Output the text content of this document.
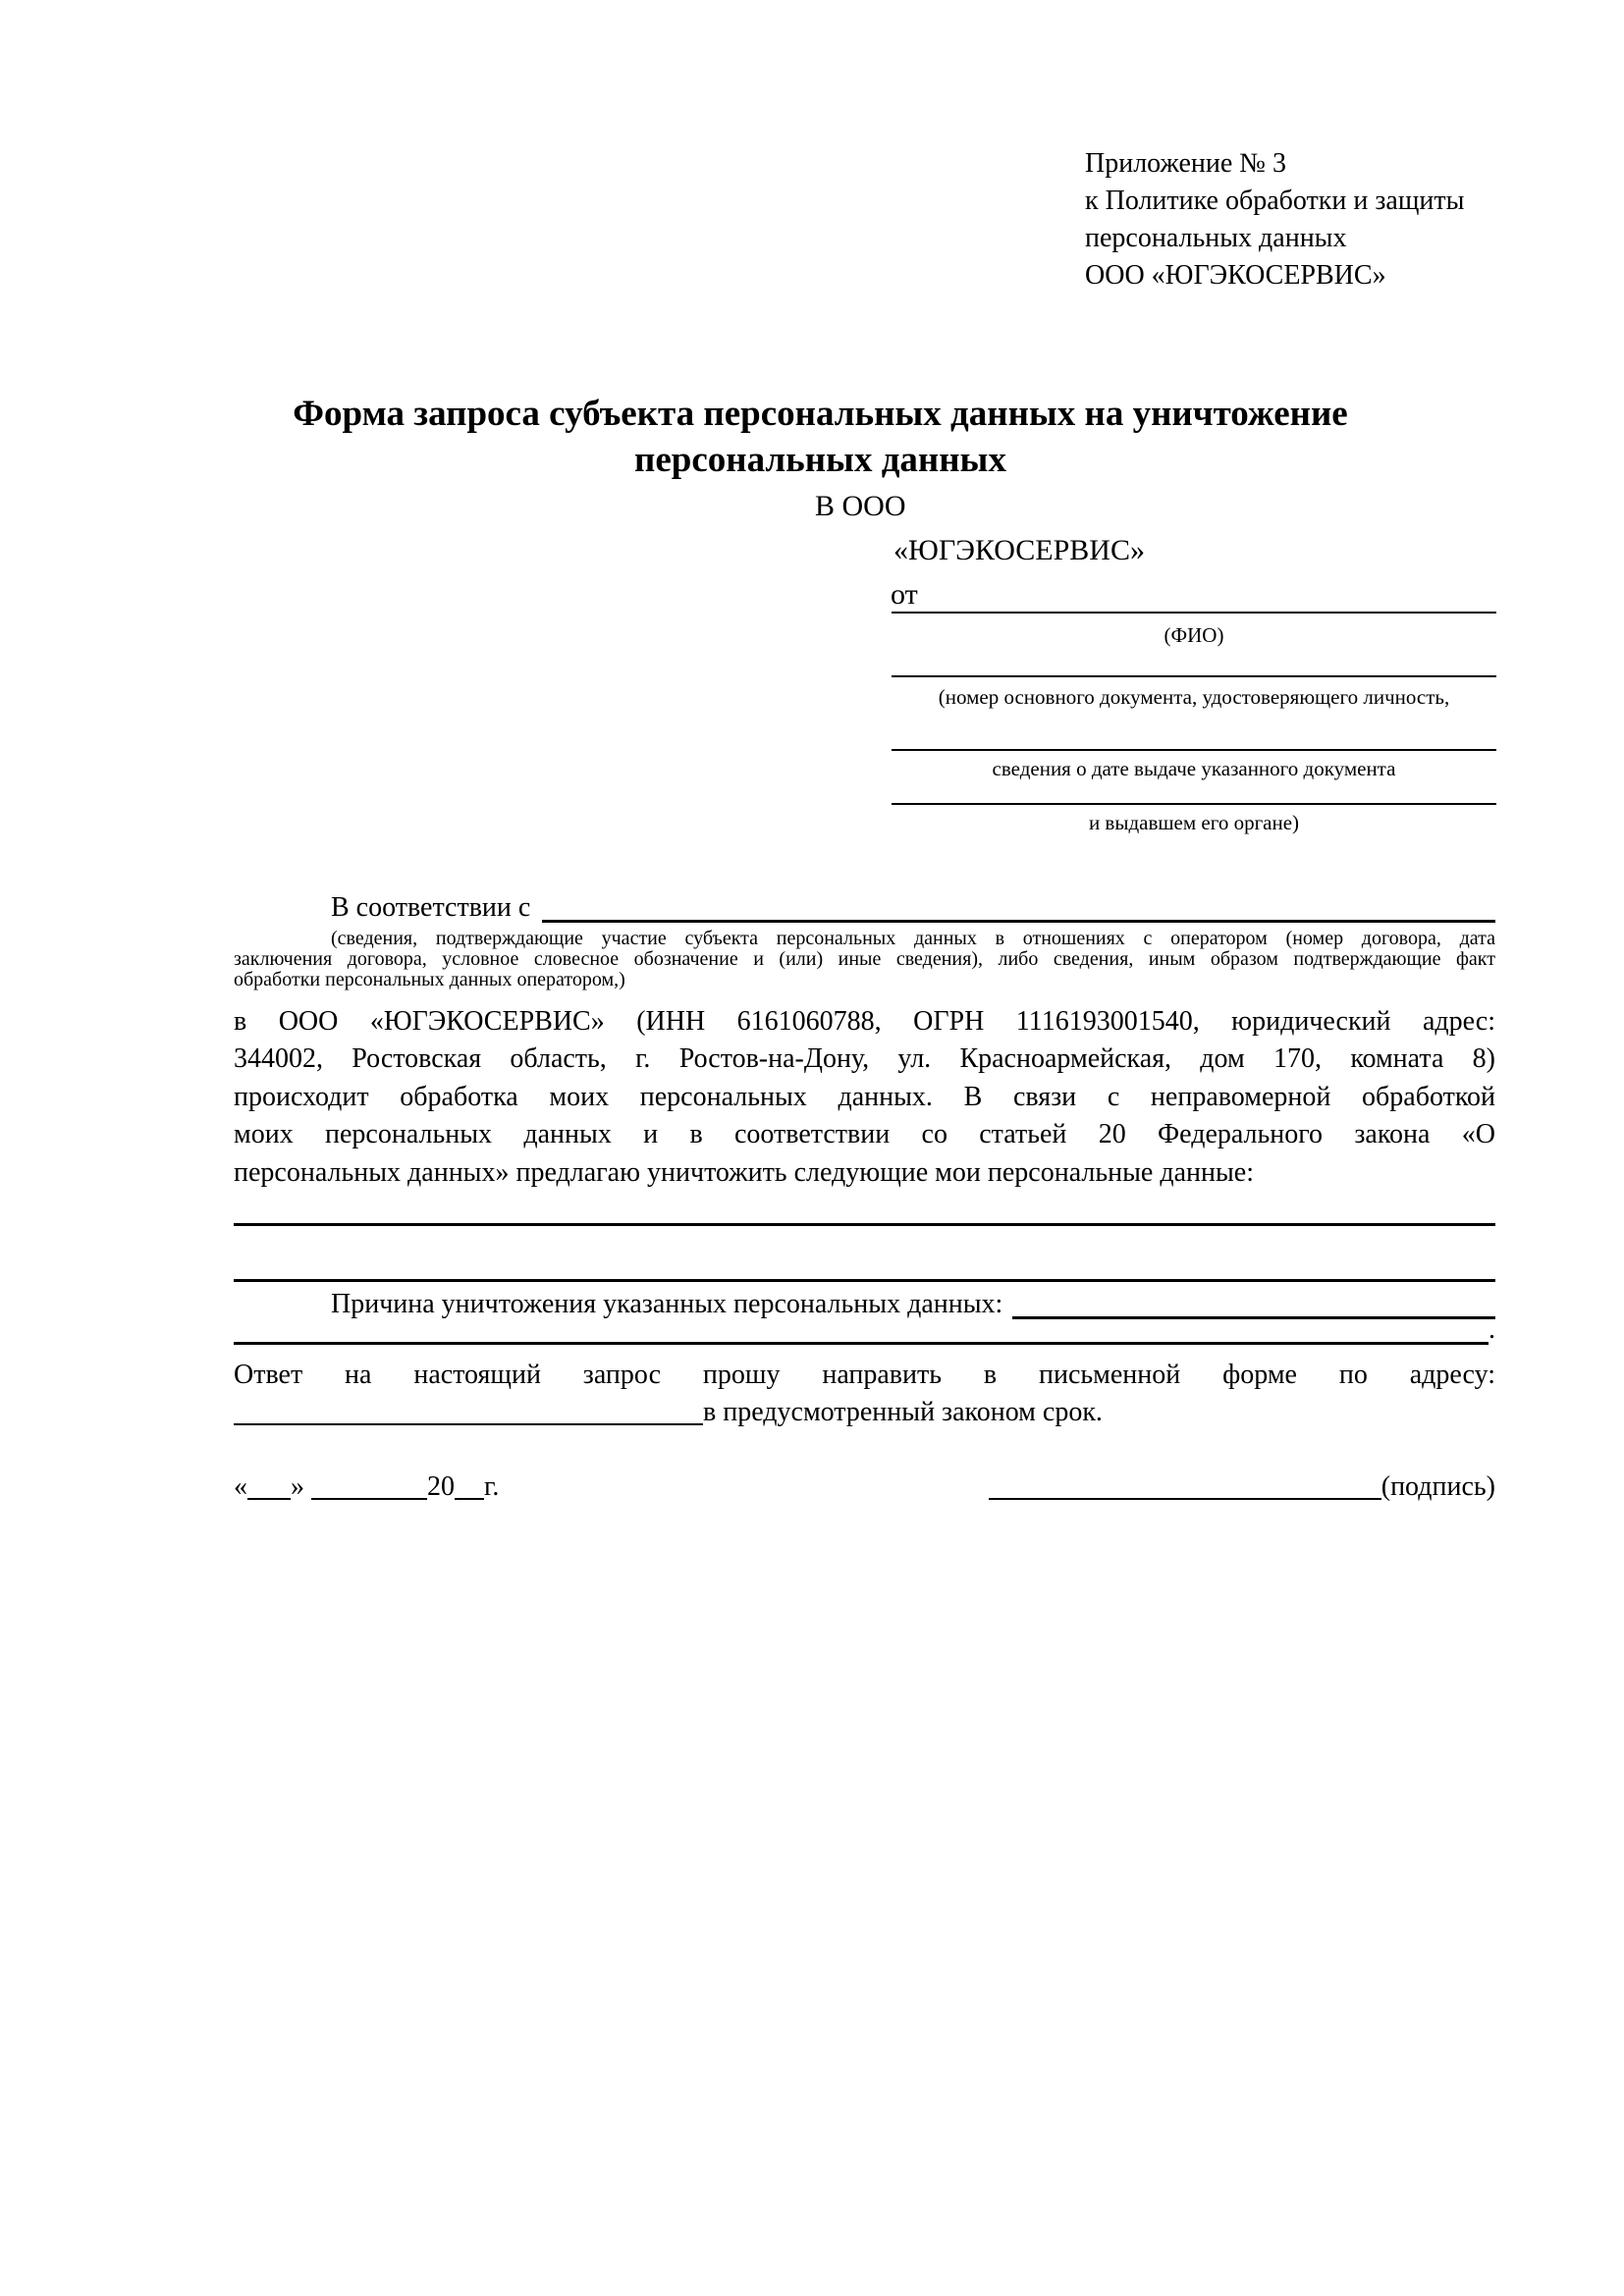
Приложение № 3
к Политике обработки и защиты
персональных данных
ООО «ЮГЭКОСЕРВИС»
Форма запроса субъекта персональных данных на уничтожение
персональных данных
В ООО
«ЮГЭКОСЕРВИС»
от
(ФИО)
(номер основного документа, удостоверяющего личность,
сведения о дате выдаче указанного документа
и выдавшем его органе)
В соответствии с
(сведения, подтверждающие участие субъекта персональных данных в отношениях с оператором (номер договора, дата
заключения договора, условное словесное обозначение и (или) иные сведения), либо сведения, иным образом подтверждающие факт
обработки персональных данных оператором,)
в ООО «ЮГЭКОСЕРВИС» (ИНН 6161060788, ОГРН 1116193001540, юридический адрес:
344002, Ростовская область, г. Ростов-на-Дону, ул. Красноармейская, дом 170, комната 8)
происходит обработка моих персональных данных. В связи с неправомерной обработкой
моих персональных данных и в соответствии со статьей 20 Федерального закона «О
персональных данных» предлагаю уничтожить следующие мои персональные данные:
Причина уничтожения указанных персональных данных:
.
Ответ на настоящий запрос прошу направить в письменной форме по адресу:
в предусмотренный законом срок.
« »	20 г.	(подпись)
